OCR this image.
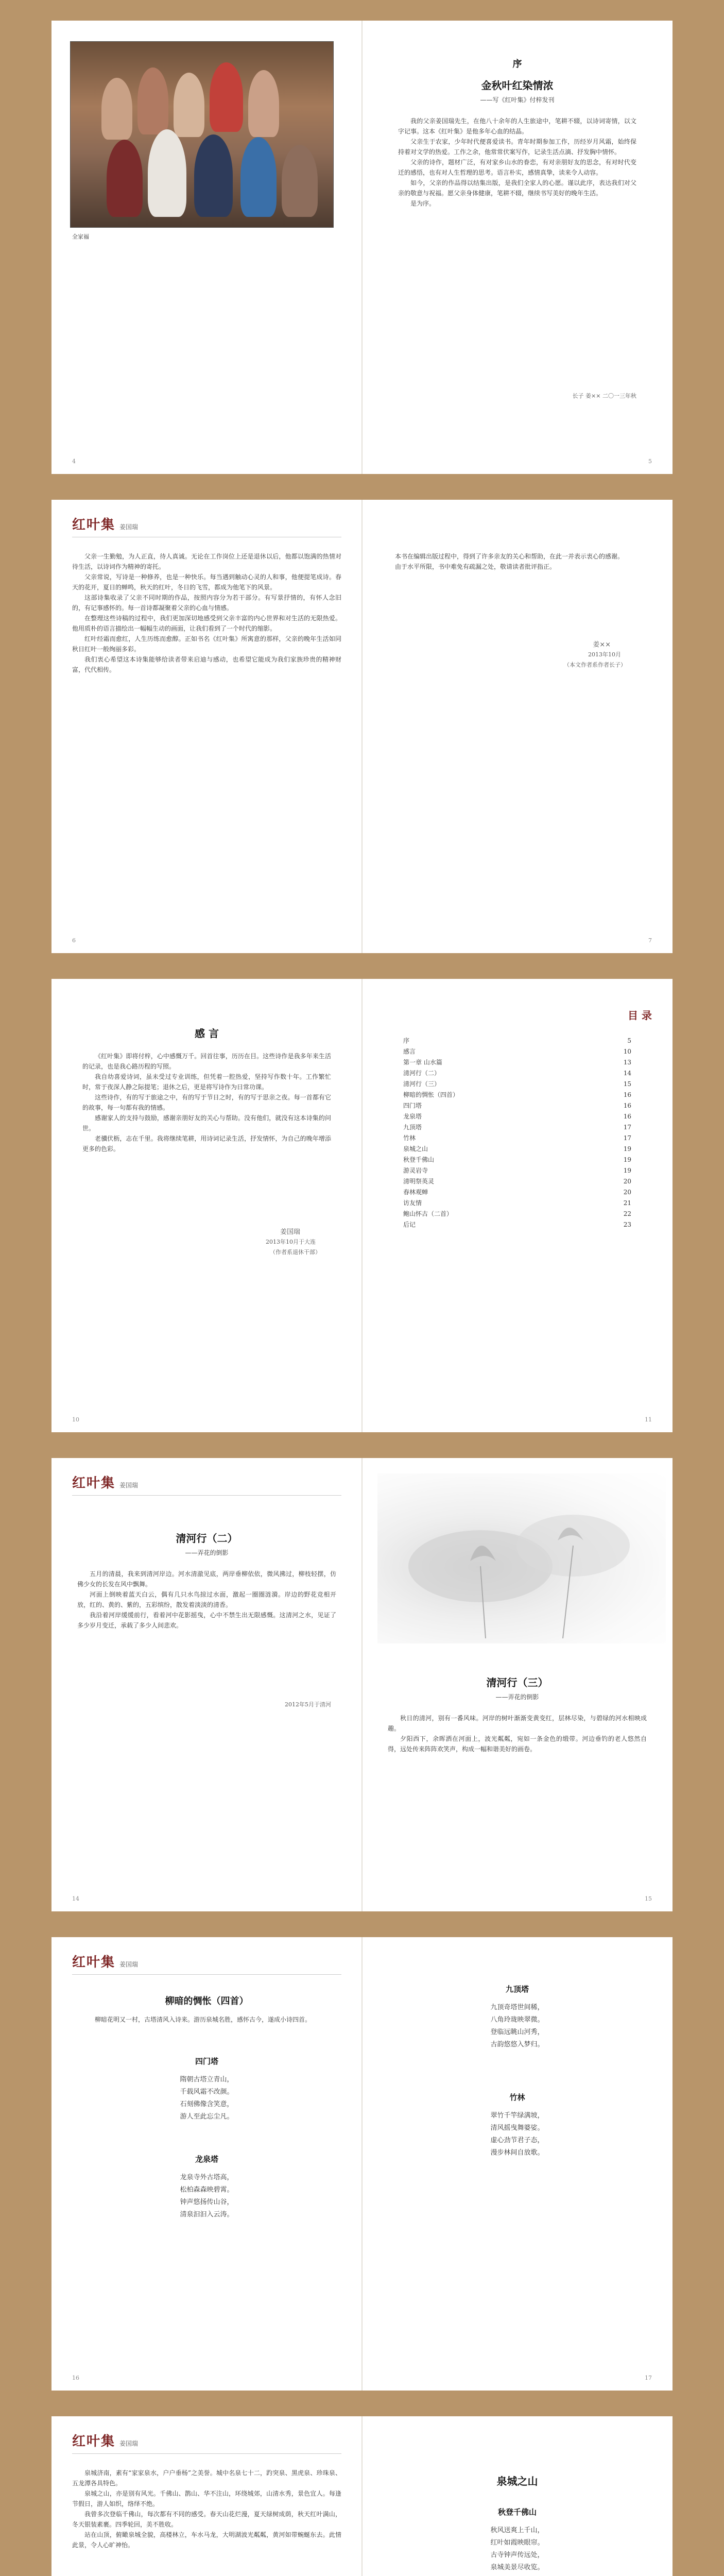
全家福
4
序
金秋叶红染情浓
——写《红叶集》付梓发刊

我的父亲姜国瑞先生，在他八十余年的人生旅途中，笔耕不辍，以诗词寄情，以文字记事。这本《红叶集》是他多年心血的结晶。

父亲生于农家，少年时代便喜爱读书。青年时期参加工作，历经岁月风霜，始终保持着对文学的热爱。工作之余，他常常伏案写作，记录生活点滴、抒发胸中情怀。

父亲的诗作，题材广泛，有对家乡山水的眷恋，有对亲朋好友的思念，有对时代变迁的感悟，也有对人生哲理的思考。语言朴实，感情真挚，读来令人动容。

如今，父亲的作品得以结集出版，是我们全家人的心愿。谨以此序，表达我们对父亲的敬意与祝福。愿父亲身体健康，笔耕不辍，继续书写美好的晚年生活。

是为序。

长子 姜×× 二〇一三年秋
5
红叶集 姜国瑞

父亲一生勤勉，为人正直，待人真诚。无论在工作岗位上还是退休以后，他都以饱满的热情对待生活，以诗词作为精神的寄托。

父亲常说，写诗是一种修养，也是一种快乐。每当遇到触动心灵的人和事，他便提笔成诗。春天的花开，夏日的蝉鸣，秋天的红叶，冬日的飞雪，都成为他笔下的风景。

这部诗集收录了父亲不同时期的作品，按照内容分为若干部分。有写景抒情的，有怀人念旧的，有记事感怀的。每一首诗都凝聚着父亲的心血与情感。

在整理这些诗稿的过程中，我们更加深切地感受到父亲丰富的内心世界和对生活的无限热爱。他用质朴的语言描绘出一幅幅生动的画面，让我们看到了一个时代的缩影。

红叶经霜而愈红，人生历练而愈醇。正如书名《红叶集》所寓意的那样，父亲的晚年生活如同秋日红叶一般绚丽多彩。

我们衷心希望这本诗集能够给读者带来启迪与感动，也希望它能成为我们家族珍贵的精神财富，代代相传。

6

本书在编辑出版过程中，得到了许多亲友的关心和帮助，在此一并表示衷心的感谢。

由于水平所限，书中难免有疏漏之处，敬请读者批评指正。

姜××
2013年10月
（本文作者系作者长子）
7
感 言

《红叶集》即将付梓，心中感慨万千。回首往事，历历在目。这些诗作是我多年来生活的记录，也是我心路历程的写照。

我自幼喜爱诗词，虽未受过专业训练，但凭着一腔热爱，坚持写作数十年。工作繁忙时，常于夜深人静之际提笔；退休之后，更是将写诗作为日常功课。

这些诗作，有的写于旅途之中，有的写于节日之时，有的写于思亲之夜。每一首都有它的故事，每一句都有我的情感。

感谢家人的支持与鼓励，感谢亲朋好友的关心与帮助。没有他们，就没有这本诗集的问世。

老骥伏枥，志在千里。我将继续笔耕，用诗词记录生活，抒发情怀，为自己的晚年增添更多的色彩。

姜国瑞
2013年10月于大连
（作者系退休干部）
10
目 录
序	5
感言	10
第一章 山水篇	13
清河行（二）	14
清河行（三）	15
柳暗的惆怅（四首）	16
四门塔	16
龙泉塔	16
九顶塔	17
竹林	17
泉城之山	19
秋登千佛山	19
游灵岩寺	19
清明祭英灵	20
春林观蝉	20
访友情	21
鲍山怀古（二首）	22
后记	23
11
红叶集 姜国瑞
清河行（二）
——弄花的倒影

五月的清晨，我来到清河岸边。河水清澈见底，两岸垂柳依依，微风拂过，柳枝轻摆，仿佛少女的长发在风中飘舞。

河面上倒映着蓝天白云，偶有几只水鸟掠过水面，激起一圈圈涟漪。岸边的野花竞相开放，红的、黄的、紫的，五彩缤纷，散发着淡淡的清香。

我沿着河岸缓缓前行，看着河中花影摇曳，心中不禁生出无限感慨。这清河之水，见证了多少岁月变迁，承载了多少人间悲欢。

2012年5月于清河
14
清河行（三）
——弄花的倒影

秋日的清河，别有一番风味。河岸的树叶渐渐变黄变红，层林尽染，与碧绿的河水相映成趣。

夕阳西下，余晖洒在河面上，波光粼粼，宛如一条金色的缎带。河边垂钓的老人悠然自得，远处传来阵阵欢笑声，构成一幅和谐美好的画卷。

15
红叶集 姜国瑞
柳暗的惆怅（四首）

柳暗花明又一村，古塔清风入诗来。游历泉城名胜，感怀古今，遂成小诗四首。

四门塔
隋朝古塔立青山，
千载风霜不改颜。
石刻佛像含笑意，
游人至此忘尘凡。
龙泉塔
龙泉寺外古塔高，
松柏森森映碧霄。
钟声悠扬传山谷，
清泉汩汩入云涛。
16
九顶塔
九顶奇塔世间稀，
八角玲珑映翠微。
登临远眺山河秀，
古韵悠悠入梦归。
竹林
翠竹千竿绿满坡，
清风摇曳舞婆娑。
虚心劲节君子态，
漫步林间自放歌。
17
红叶集 姜国瑞

泉城济南，素有“家家泉水，户户垂杨”之美誉。城中名泉七十二，趵突泉、黑虎泉、珍珠泉、五龙潭各具特色。

泉城之山，亦是别有风光。千佛山、鹊山、华不注山，环绕城郊，山清水秀，景色宜人。每逢节假日，游人如织，络绎不绝。

我曾多次登临千佛山，每次都有不同的感受。春天山花烂漫，夏天绿树成荫，秋天红叶满山，冬天银装素裹。四季轮回，美不胜收。

站在山顶，俯瞰泉城全貌，高楼林立，车水马龙，大明湖波光粼粼，黄河如带蜿蜒东去。此情此景，令人心旷神怡。

泉城之山
秋登千佛山
秋风送爽上千山，
红叶如霞映眼帘。
古寺钟声传远处，
泉城美景尽收览。
